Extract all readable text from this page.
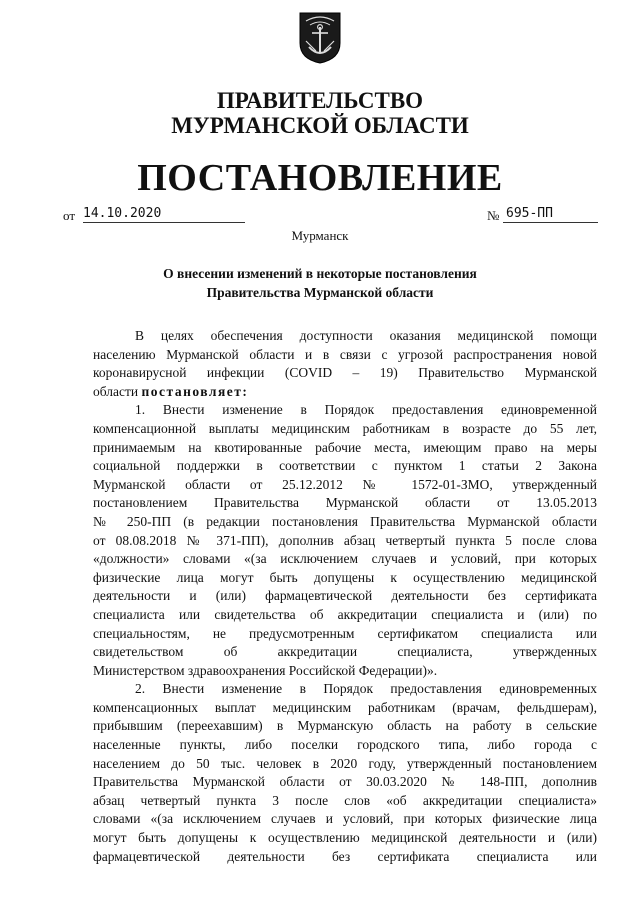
ПРАВИТЕЛЬСТВО
МУРМАНСКОЙ ОБЛАСТИ
ПОСТАНОВЛЕНИЕ
от 14.10.2020	№ 695-ПП
Мурманск
О внесении изменений в некоторые постановления
Правительства Мурманской области
В целях обеспечения доступности оказания медицинской помощи
населению Мурманской области и в связи с угрозой распространения новой
коронавирусной инфекции (COVID – 19) Правительство Мурманской
области постановляет:
1. Внести изменение в Порядок предоставления единовременной
компенсационной выплаты медицинским работникам в возрасте до 55 лет,
принимаемым на квотированные рабочие места, имеющим право на меры
социальной поддержки в соответствии с пунктом 1 статьи 2 Закона
Мурманской области от 25.12.2012 № 1572-01-ЗМО, утвержденный
постановлением Правительства Мурманской области от 13.05.2013
№ 250-ПП (в редакции постановления Правительства Мурманской области
от 08.08.2018 № 371-ПП), дополнив абзац четвертый пункта 5 после слова
«должности» словами «(за исключением случаев и условий, при которых
физические лица могут быть допущены к осуществлению медицинской
деятельности и (или) фармацевтической деятельности без сертификата
специалиста или свидетельства об аккредитации специалиста и (или) по
специальностям, не предусмотренным сертификатом специалиста или
свидетельством об аккредитации специалиста, утвержденных
Министерством здравоохранения Российской Федерации)».
2. Внести изменение в Порядок предоставления единовременных
компенсационных выплат медицинским работникам (врачам, фельдшерам),
прибывшим (переехавшим) в Мурманскую область на работу в сельские
населенные пункты, либо поселки городского типа, либо города с
населением до 50 тыс. человек в 2020 году, утвержденный постановлением
Правительства Мурманской области от 30.03.2020 № 148-ПП, дополнив
абзац четвертый пункта 3 после слов «об аккредитации специалиста»
словами «(за исключением случаев и условий, при которых физические лица
могут быть допущены к осуществлению медицинской деятельности и (или)
фармацевтической деятельности без сертификата специалиста или
